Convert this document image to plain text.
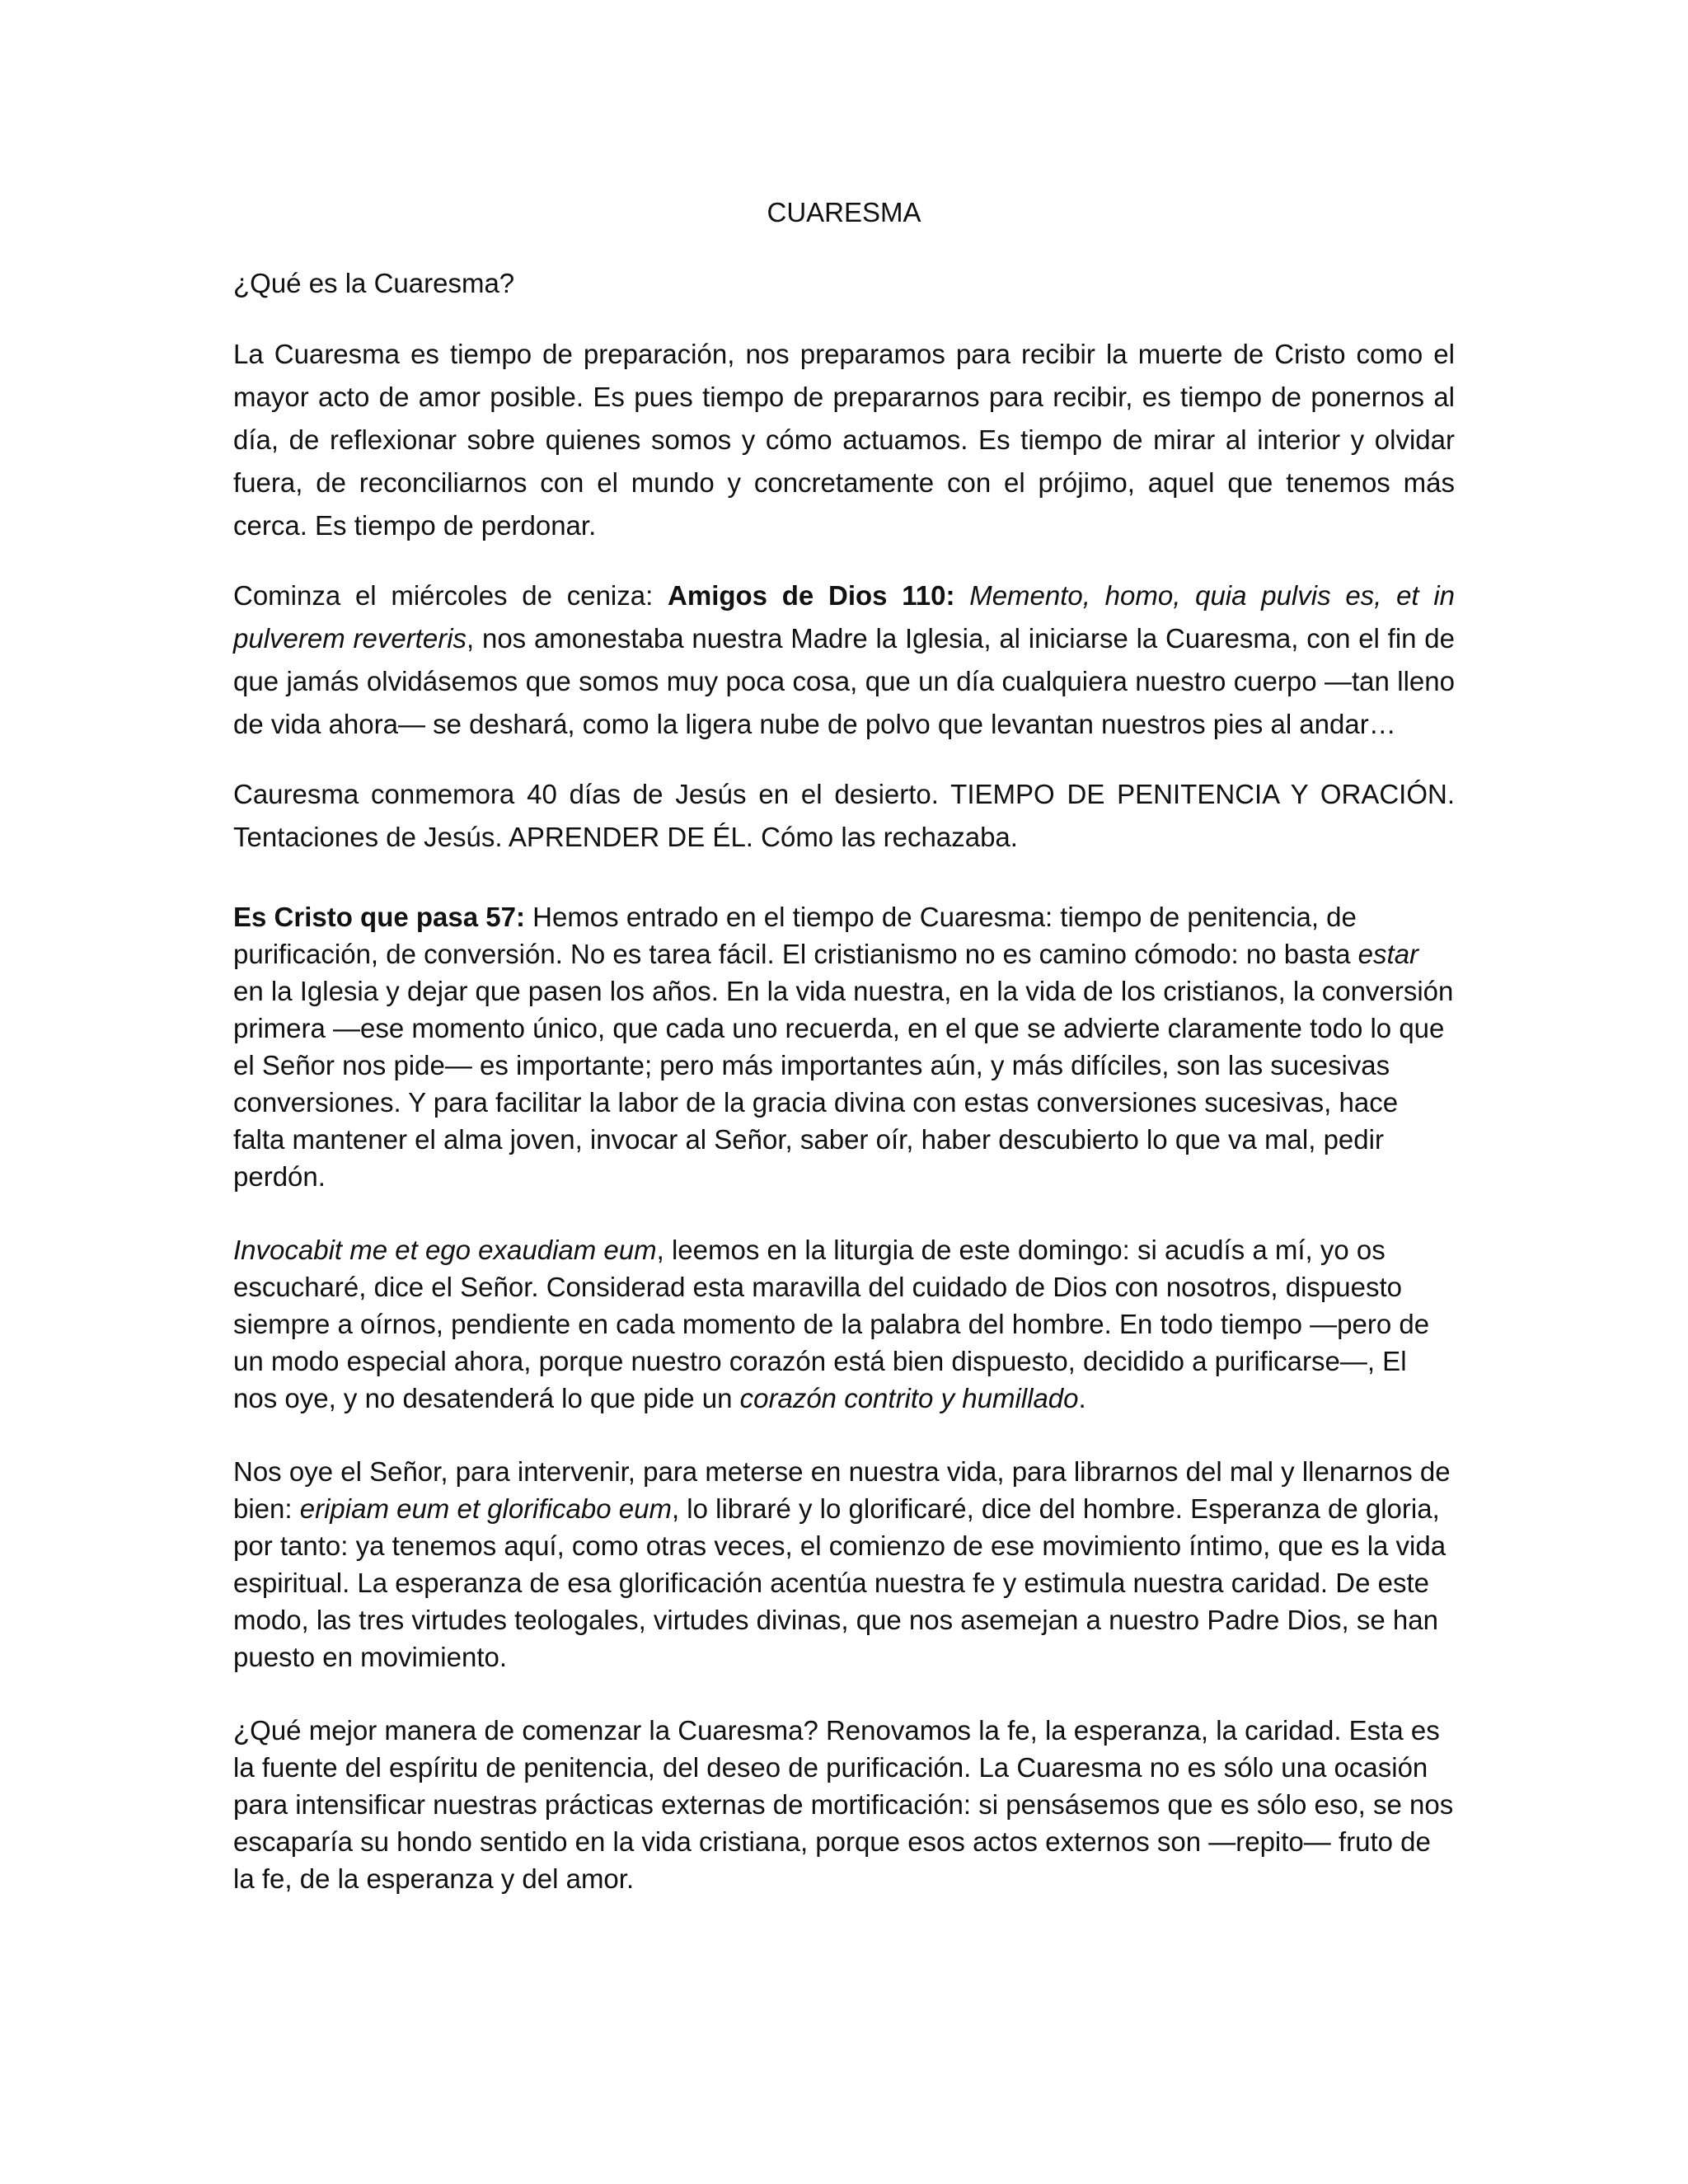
CUARESMA
¿Qué es la Cuaresma?

La Cuaresma es tiempo de preparación, nos preparamos para recibir la muerte de Cristo como el mayor acto de amor posible. Es pues tiempo de prepararnos para recibir, es tiempo de ponernos al día, de reflexionar sobre quienes somos y cómo actuamos. Es tiempo de mirar al interior y olvidar fuera, de reconciliarnos con el mundo y concretamente con el prójimo, aquel que tenemos más cerca. Es tiempo de perdonar.

Cominza el miércoles de ceniza: Amigos de Dios 110: Memento, homo, quia pulvis es, et in pulverem reverteris, nos amonestaba nuestra Madre la Iglesia, al iniciarse la Cuaresma, con el fin de que jamás olvidásemos que somos muy poca cosa, que un día cualquiera nuestro cuerpo —tan lleno de vida ahora— se deshará, como la ligera nube de polvo que levantan nuestros pies al andar…

Cauresma conmemora 40 días de Jesús en el desierto. TIEMPO DE PENITENCIA Y ORACIÓN. Tentaciones de Jesús. APRENDER DE ÉL. Cómo las rechazaba.

Es Cristo que pasa 57: Hemos entrado en el tiempo de Cuaresma: tiempo de penitencia, de purificación, de conversión. No es tarea fácil. El cristianismo no es camino cómodo: no basta estar en la Iglesia y dejar que pasen los años. En la vida nuestra, en la vida de los cristianos, la conversión primera —ese momento único, que cada uno recuerda, en el que se advierte claramente todo lo que el Señor nos pide— es importante; pero más importantes aún, y más difíciles, son las sucesivas conversiones. Y para facilitar la labor de la gracia divina con estas conversiones sucesivas, hace falta mantener el alma joven, invocar al Señor, saber oír, haber descubierto lo que va mal, pedir perdón.

Invocabit me et ego exaudiam eum, leemos en la liturgia de este domingo: si acudís a mí, yo os escucharé, dice el Señor. Considerad esta maravilla del cuidado de Dios con nosotros, dispuesto siempre a oírnos, pendiente en cada momento de la palabra del hombre. En todo tiempo —pero de un modo especial ahora, porque nuestro corazón está bien dispuesto, decidido a purificarse—, El nos oye, y no desatenderá lo que pide un corazón contrito y humillado.

Nos oye el Señor, para intervenir, para meterse en nuestra vida, para librarnos del mal y llenarnos de bien: eripiam eum et glorificabo eum, lo libraré y lo glorificaré, dice del hombre. Esperanza de gloria, por tanto: ya tenemos aquí, como otras veces, el comienzo de ese movimiento íntimo, que es la vida espiritual. La esperanza de esa glorificación acentúa nuestra fe y estimula nuestra caridad. De este modo, las tres virtudes teologales, virtudes divinas, que nos asemejan a nuestro Padre Dios, se han puesto en movimiento.

¿Qué mejor manera de comenzar la Cuaresma? Renovamos la fe, la esperanza, la caridad. Esta es la fuente del espíritu de penitencia, del deseo de purificación. La Cuaresma no es sólo una ocasión para intensificar nuestras prácticas externas de mortificación: si pensásemos que es sólo eso, se nos escaparía su hondo sentido en la vida cristiana, porque esos actos externos son —repito— fruto de la fe, de la esperanza y del amor.
